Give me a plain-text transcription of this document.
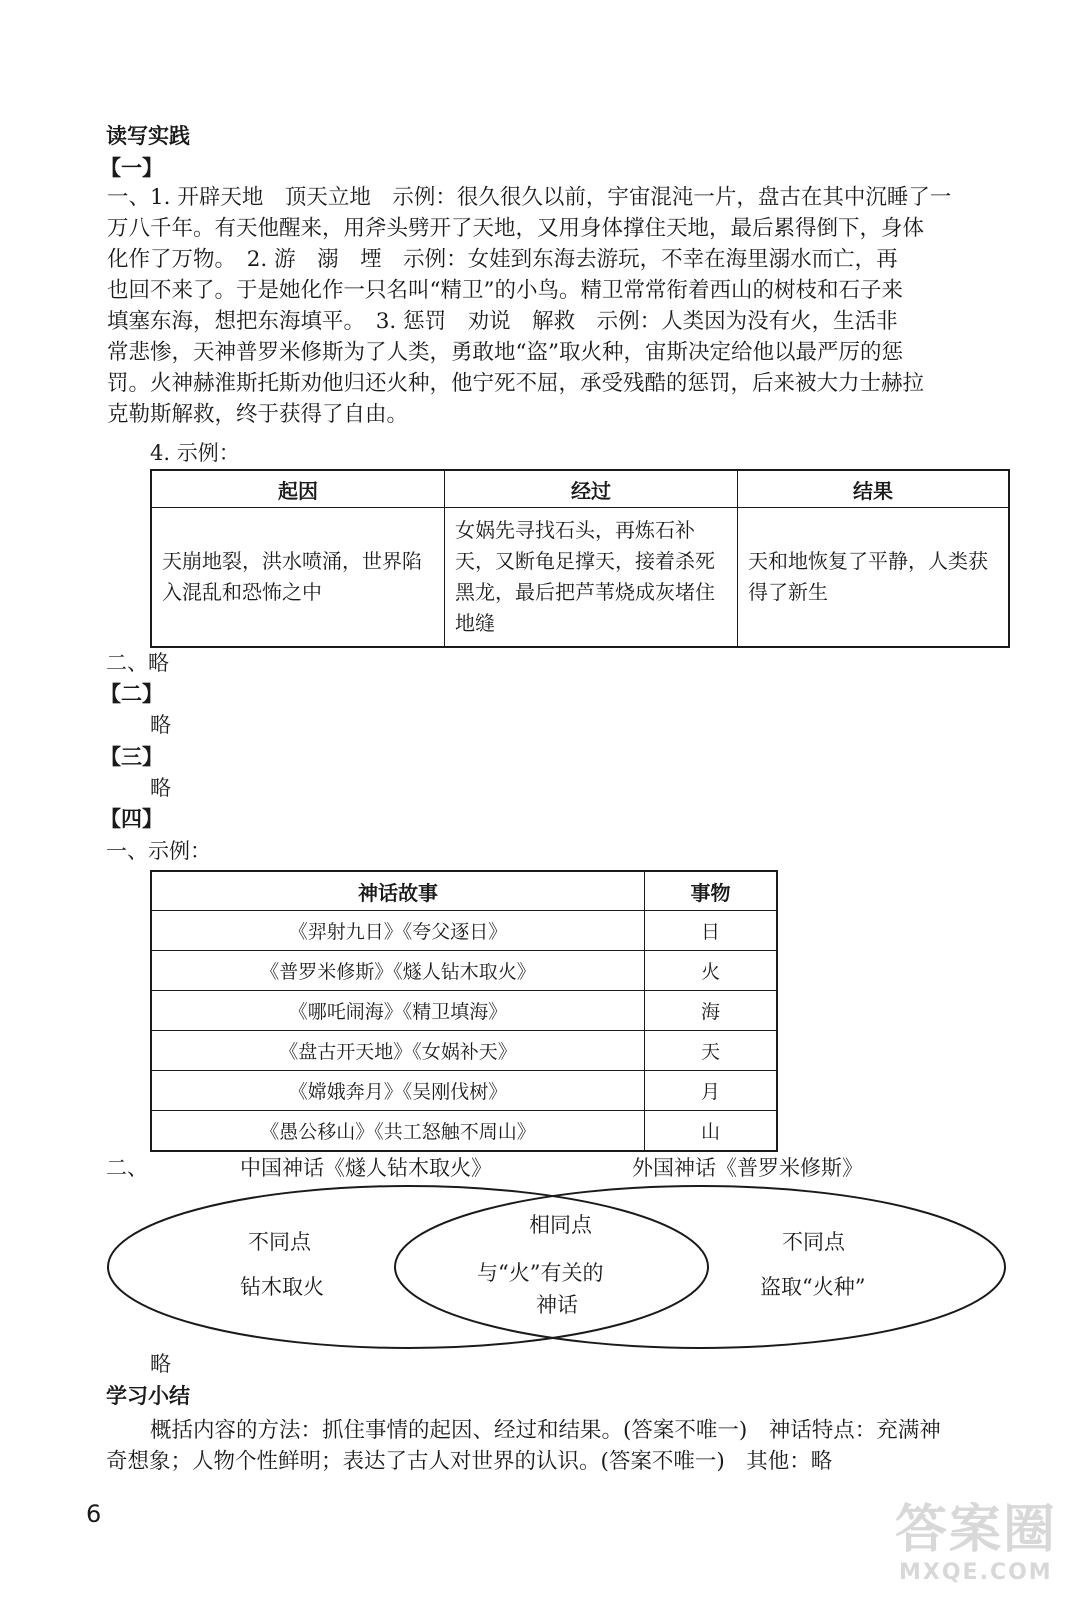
读写实践
【一】
一、1. 开辟天地　顶天立地　示例：很久很久以前，宇宙混沌一片，盘古在其中沉睡了一
万八千年。有天他醒来，用斧头劈开了天地，又用身体撑住天地，最后累得倒下，身体
化作了万物。　2. 游　溺　堙　示例：女娃到东海去游玩，不幸在海里溺水而亡，再
也回不来了。于是她化作一只名叫“精卫”的小鸟。精卫常常衔着西山的树枝和石子来
填塞东海，想把东海填平。　3. 惩罚　劝说　解救　示例：人类因为没有火，生活非
常悲惨，天神普罗米修斯为了人类，勇敢地“盗”取火种，宙斯决定给他以最严厉的惩
罚。火神赫淮斯托斯劝他归还火种，他宁死不屈，承受残酷的惩罚，后来被大力士赫拉
克勒斯解救，终于获得了自由。
4. 示例：
起因	经过	结果
天崩地裂，洪水喷涌，世界陷入混乱和恐怖之中	女娲先寻找石头，再炼石补天，又断龟足撑天，接着杀死黑龙，最后把芦苇烧成灰堵住地缝	天和地恢复了平静，人类获得了新生
二、略
【二】
略
【三】
略
【四】
一、示例：
神话故事	事物
《羿射九日》《夸父逐日》	日
《普罗米修斯》《燧人钻木取火》	火
《哪吒闹海》《精卫填海》	海
《盘古开天地》《女娲补天》	天
《嫦娥奔月》《吴刚伐树》	月
《愚公移山》《共工怒触不周山》	山
二、	中国神话《燧人钻木取火》	外国神话《普罗米修斯》
不同点
钻木取火
相同点
与“火”有关的
神话
不同点
盗取“火种”
略
学习小结
概括内容的方法：抓住事情的起因、经过和结果。(答案不唯一)　神话特点：充满神
奇想象；人物个性鲜明；表达了古人对世界的认识。(答案不唯一)　其他：略
6	答案圈
MXQE.COM
